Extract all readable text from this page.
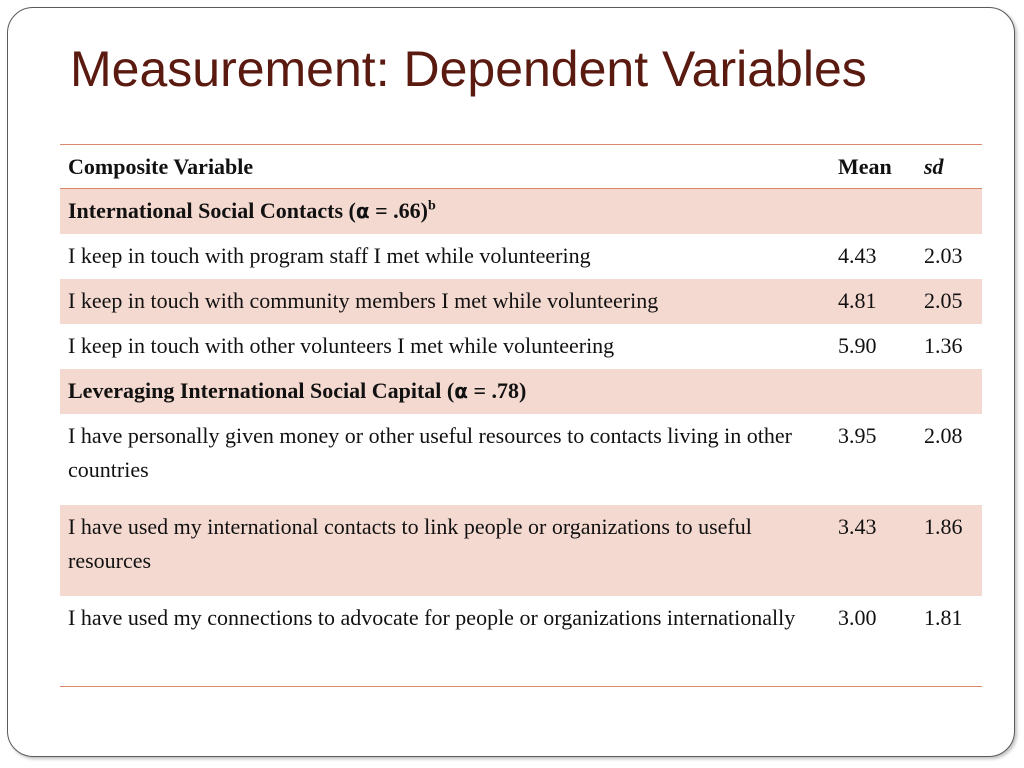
Measurement: Dependent Variables
Composite Variable	Mean	sd
International Social Contacts (α = .66)$^b$
I keep in touch with program staff I met while volunteering	4.43	2.03
I keep in touch with community members I met while volunteering	4.81	2.05
I keep in touch with other volunteers I met while volunteering	5.90	1.36
Leveraging International Social Capital (α = .78)		
I have personally given money or other useful resources to contacts living in other countries	3.95	2.08
I have used my international contacts to link people or organizations to useful resources	3.43	1.86
I have used my connections to advocate for people or organizations internationally	3.00	1.81
